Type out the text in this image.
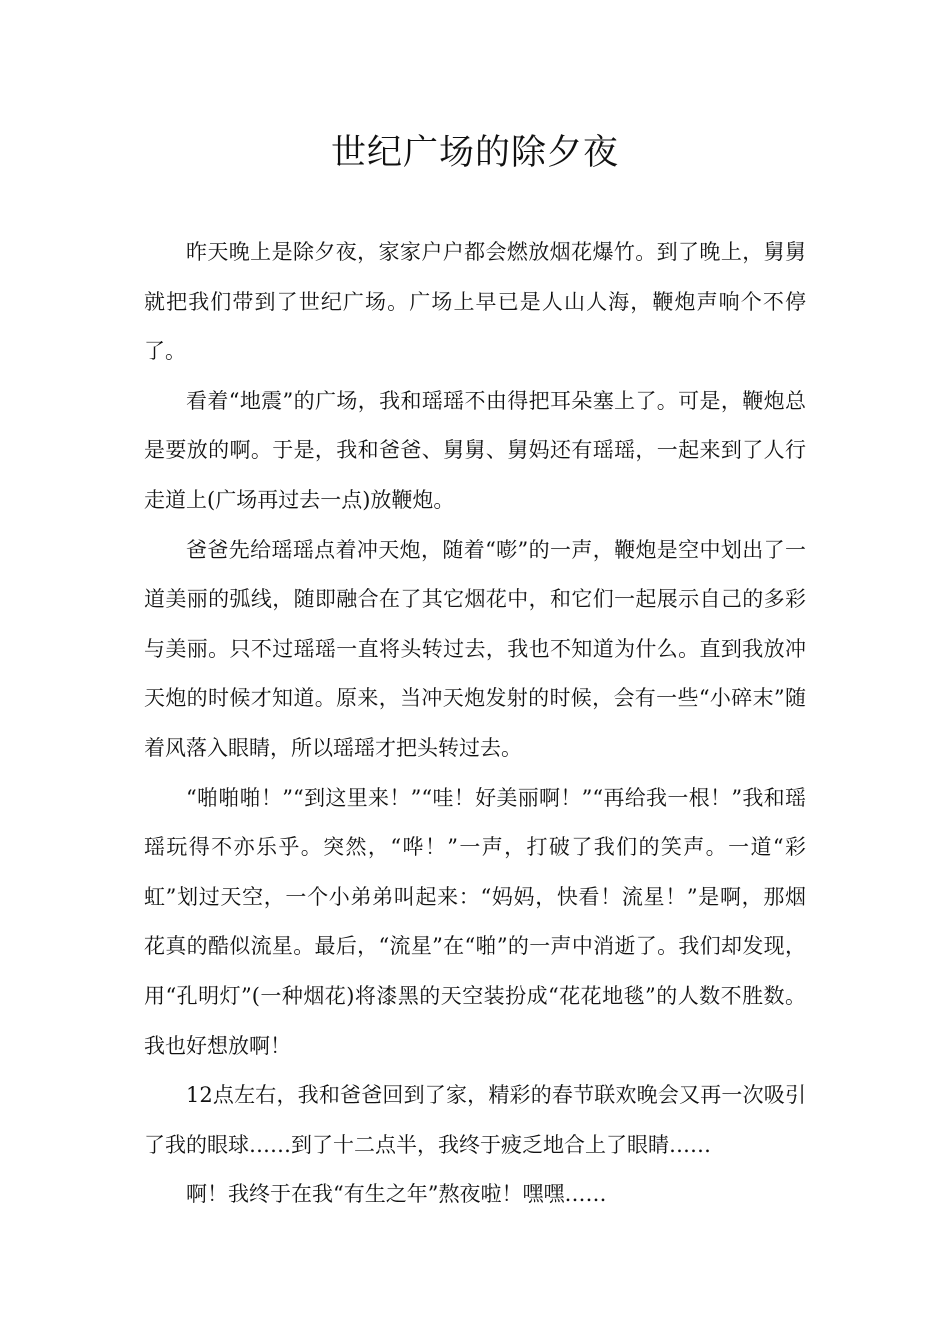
世纪广场的除夕夜

昨天晚上是除夕夜，家家户户都会燃放烟花爆竹。到了晚上，舅舅就把我们带到了世纪广场。广场上早已是人山人海，鞭炮声响个不停了。

看着“地震”的广场，我和瑶瑶不由得把耳朵塞上了。可是，鞭炮总是要放的啊。于是，我和爸爸、舅舅、舅妈还有瑶瑶，一起来到了人行走道上(广场再过去一点)放鞭炮。

爸爸先给瑶瑶点着冲天炮，随着“嘭”的一声，鞭炮是空中划出了一道美丽的弧线，随即融合在了其它烟花中，和它们一起展示自己的多彩与美丽。只不过瑶瑶一直将头转过去，我也不知道为什么。直到我放冲天炮的时候才知道。原来，当冲天炮发射的时候，会有一些“小碎末”随着风落入眼睛，所以瑶瑶才把头转过去。

“啪啪啪！”“到这里来！”“哇！好美丽啊！”“再给我一根！”我和瑶瑶玩得不亦乐乎。突然，“哗！”一声，打破了我们的笑声。一道“彩虹”划过天空，一个小弟弟叫起来：“妈妈，快看！流星！”是啊，那烟花真的酷似流星。最后，“流星”在“啪”的一声中消逝了。我们却发现，用“孔明灯”(一种烟花)将漆黑的天空装扮成“花花地毯”的人数不胜数。我也好想放啊！

12点左右，我和爸爸回到了家，精彩的春节联欢晚会又再一次吸引了我的眼球……到了十二点半，我终于疲乏地合上了眼睛……

啊！我终于在我“有生之年”熬夜啦！嘿嘿……
